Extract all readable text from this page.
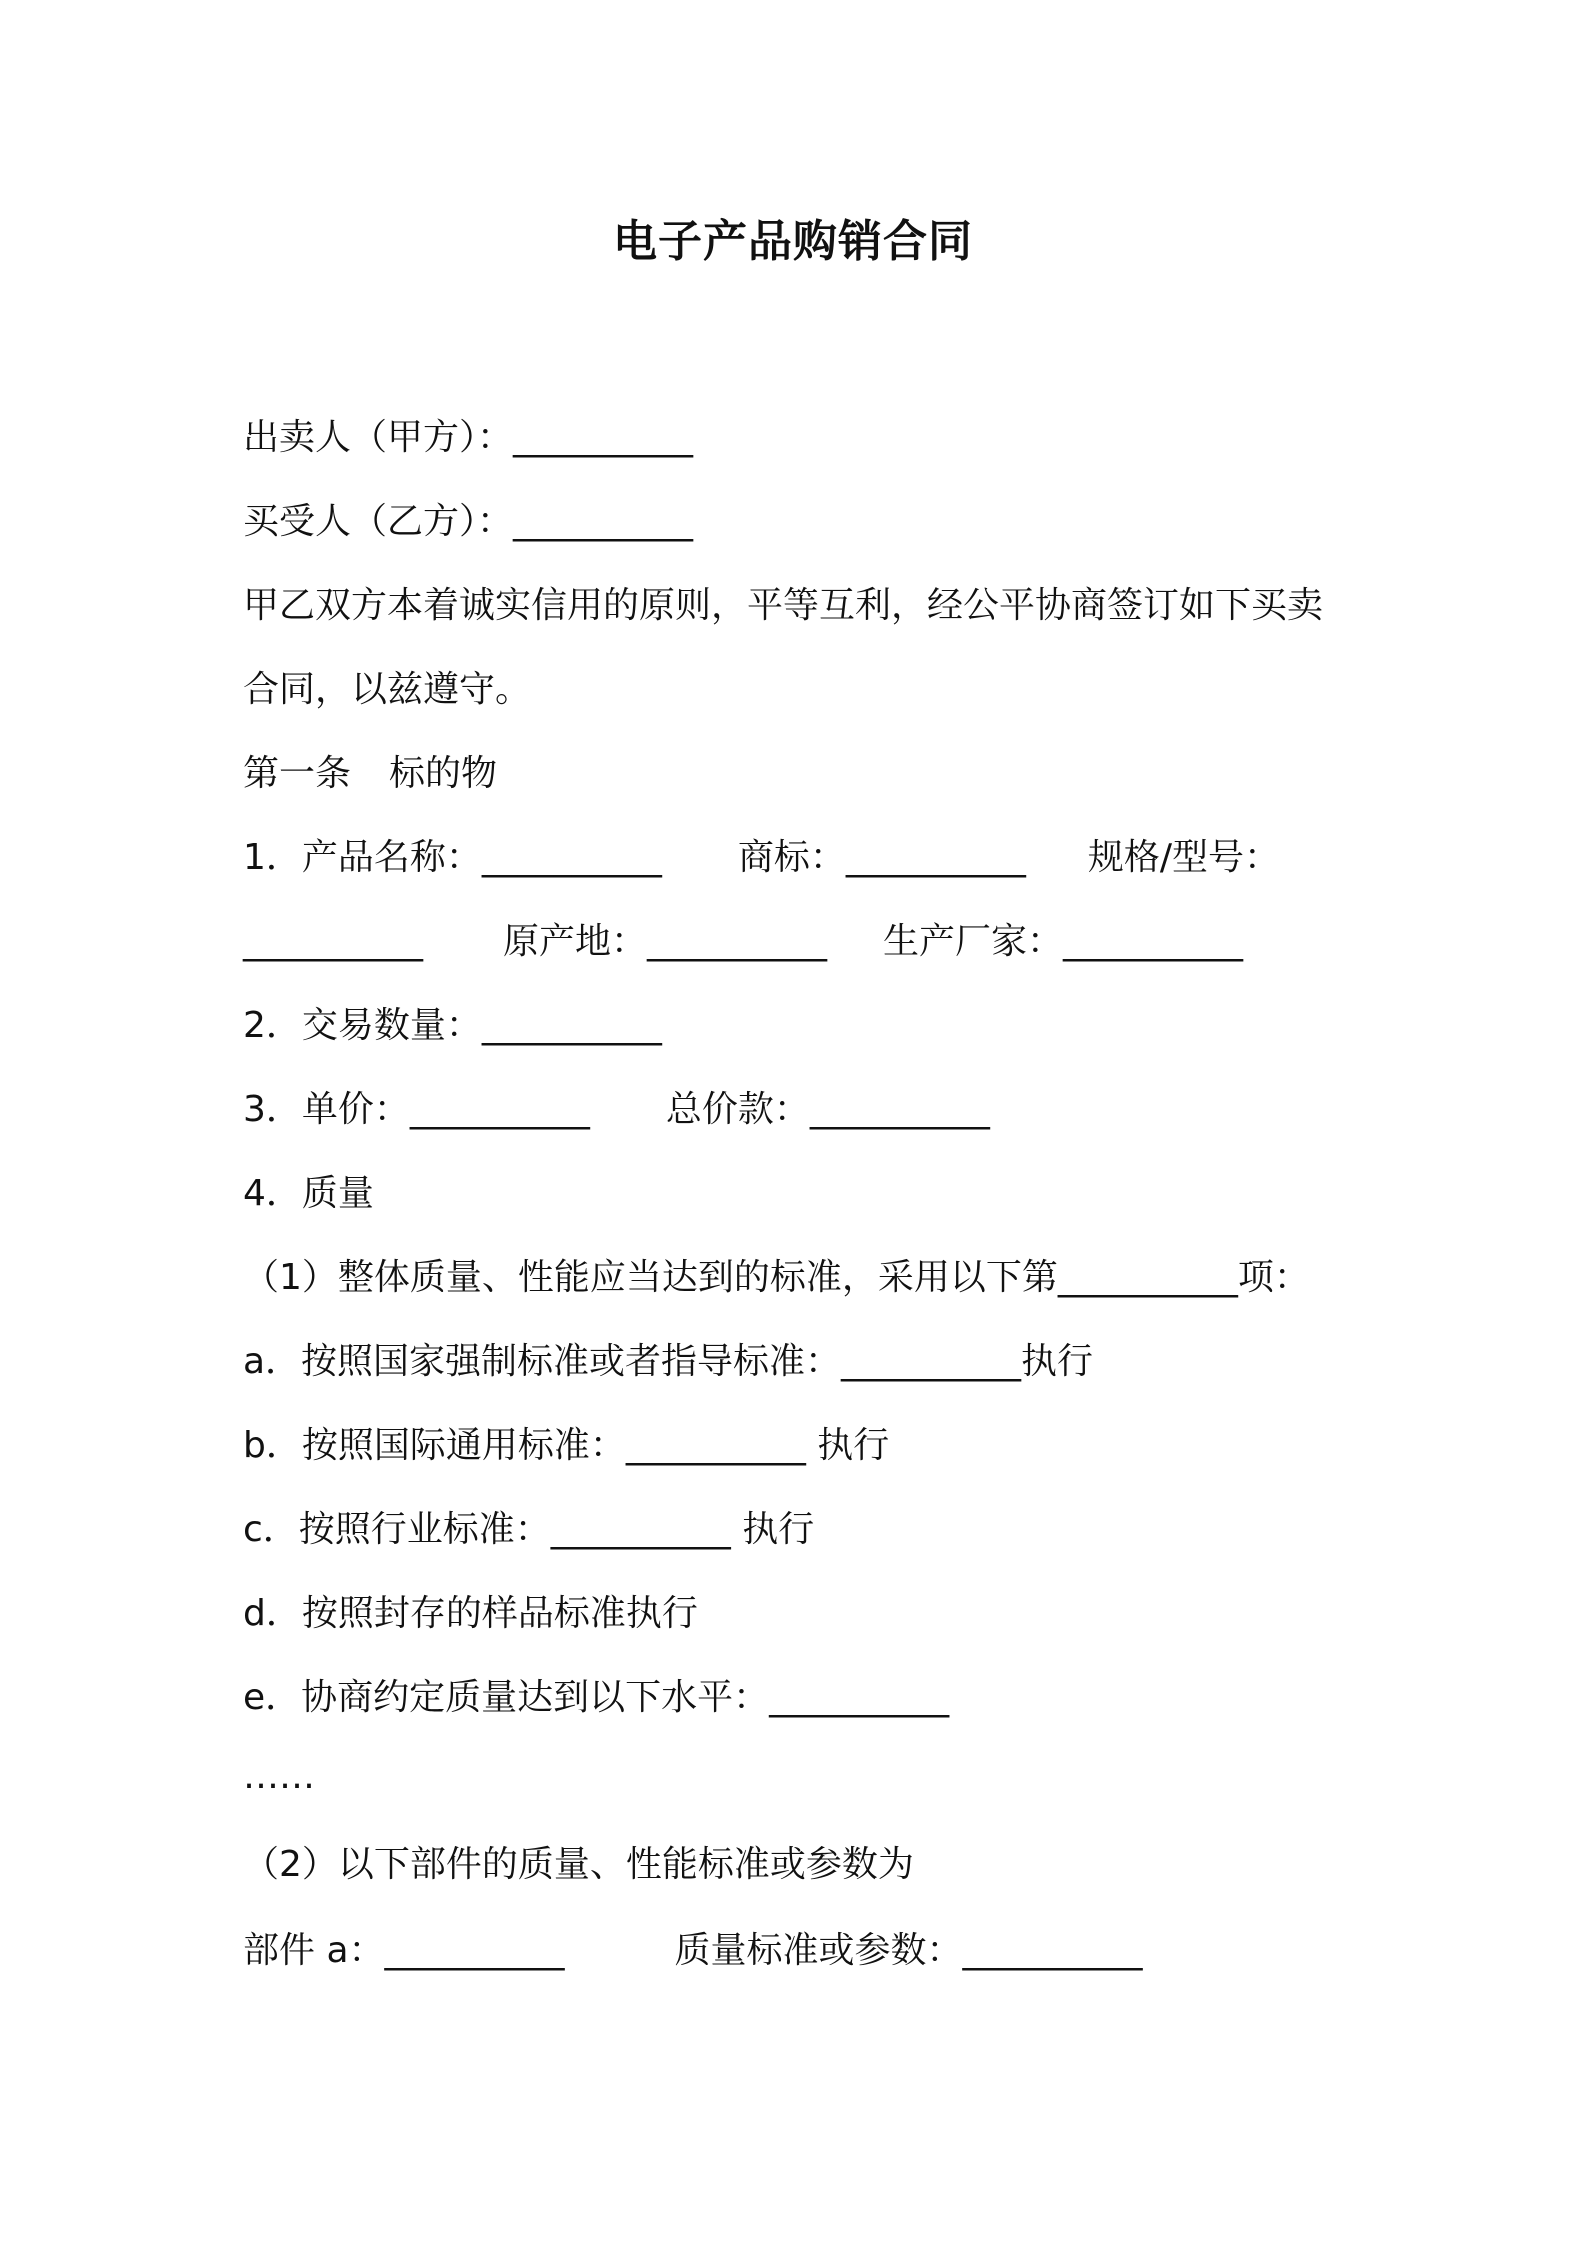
电子产品购销合同
出卖人（甲方）：__________
买受人（乙方）：__________
甲乙双方本着诚实信用的原则，平等互利，经公平协商签订如下买卖
合同，以兹遵守。
第一条 标的物
1．产品名称：__________ 商标：__________ 规格/型号：
__________ 原产地：__________ 生产厂家：__________
2．交易数量：__________
3．单价：__________ 总价款：__________
4．质量
（1）整体质量、性能应当达到的标准，采用以下第__________项：
a．按照国家强制标准或者指导标准：__________执行
b．按照国际通用标准：__________ 执行
c．按照行业标准：__________ 执行
d．按照封存的样品标准执行
e．协商约定质量达到以下水平：__________
……
（2）以下部件的质量、性能标准或参数为
部件 a：__________	质量标准或参数：__________
